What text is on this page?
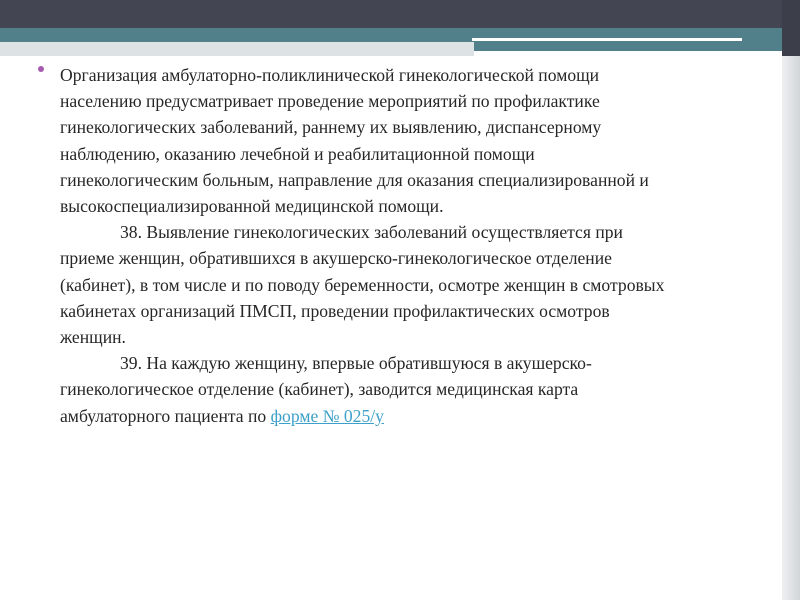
Организация амбулаторно-поликлинической гинекологической помощи населению предусматривает проведение мероприятий по профилактике гинекологических заболеваний, раннему их выявлению, диспансерному наблюдению, оказанию лечебной и реабилитационной помощи гинекологическим больным, направление для оказания специализированной и высокоспециализированной медицинской помощи.

38. Выявление гинекологических заболеваний осуществляется при приеме женщин, обратившихся в акушерско-гинекологическое отделение (кабинет), в том числе и по поводу беременности, осмотре женщин в смотровых кабинетах организаций ПМСП, проведении профилактических осмотров женщин.

39. На каждую женщину, впервые обратившуюся в акушерско-гинекологическое отделение (кабинет), заводится медицинская карта амбулаторного пациента по форме № 025/у
